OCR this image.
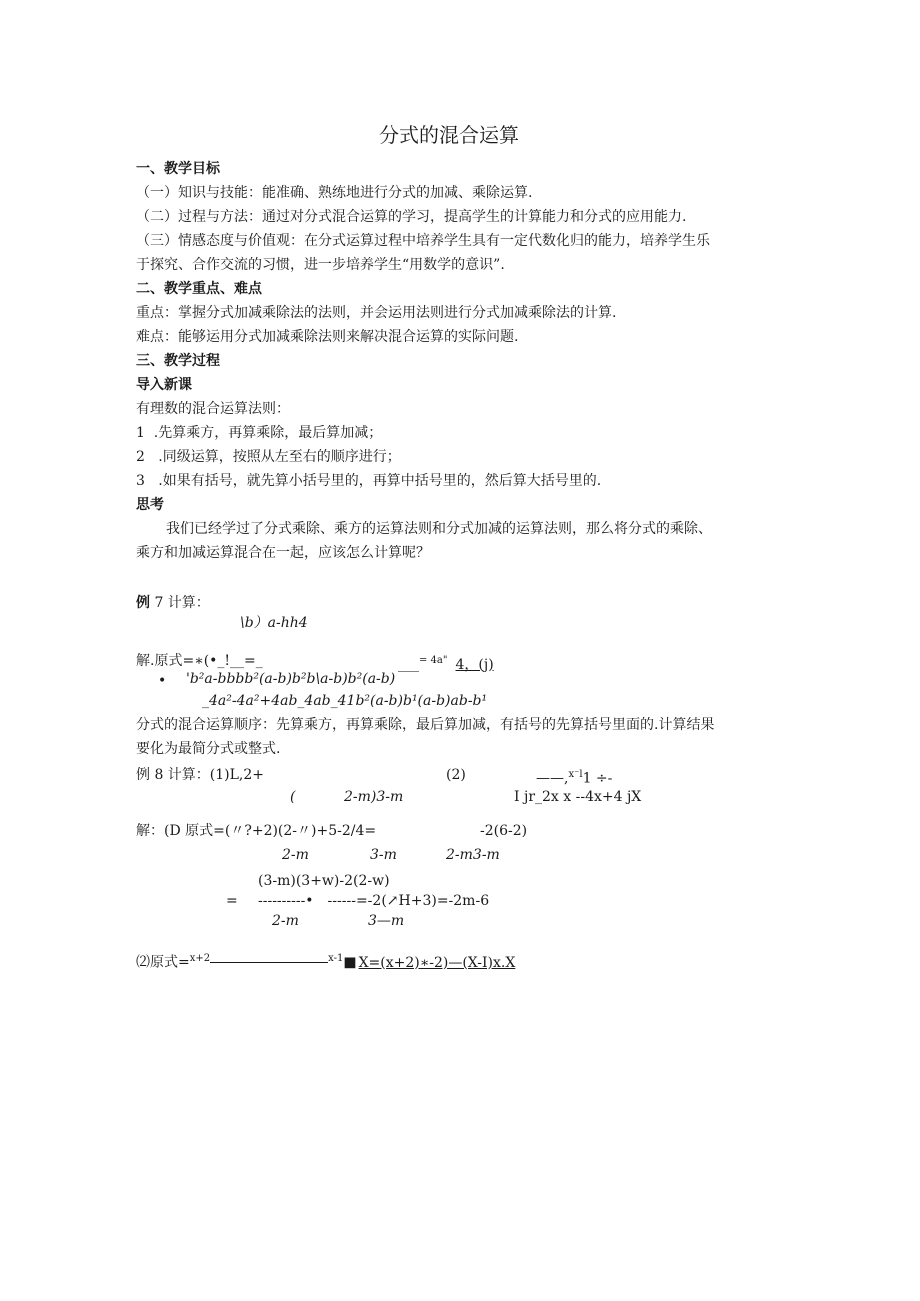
分式的混合运算
一、教学目标
（一）知识与技能：能准确、熟练地进行分式的加减、乘除运算.
（二）过程与方法：通过对分式混合运算的学习，提高学生的计算能力和分式的应用能力.
（三）情感态度与价值观：在分式运算过程中培养学生具有一定代数化归的能力，培养学生乐
于探究、合作交流的习惯，进一步培养学生“用数学的意识”.
二、教学重点、难点
重点：掌握分式加减乘除法的法则，并会运用法则进行分式加减乘除法的计算.
难点：能够运用分式加减乘除法则来解决混合运算的实际问题.
三、教学过程
导入新课
有理数的混合运算法则：
1  .先算乘方，再算乘除，最后算加减；
2   .同级运算，按照从左至右的顺序进行；
3   .如果有括号，就先算小括号里的，再算中括号里的，然后算大括号里的.
思考
我们已经学过了分式乘除、乘方的运算法则和分式加减的运算法则，那么将分式的乘除、
乘方和加减运算混合在一起，应该怎么计算呢？
例 7 计算：
\b）a-hh4
解.原式=∗(•_!__=_	___$^{= 4a"}$ 4，(j)
• 'b²a-bbbb²(a-b)b²b\a-b)b²(a-b)
_4a²-4a²+4ab_4ab_41b²(a-b)b¹(a-b)ab-b¹
分式的混合运算顺序：先算乘方，再算乘除，最后算加减，有括号的先算括号里面的.计算结果
要化为最简分式或整式.
例 8 计算：(1)L,2+	(2)	——,$^{x^-l}$1 ÷-
(	2-m)3-m	I jr_2x x --4x+4 jX
解：(D 原式=(〃?+2)(2-〃)+5-2/4=	-2(6-2)
2-m	3-m	2-m3-m
(3-m)(3+w)-2(2-w)
= ----------•　------=-2(↗H+3)=-2m-6
2-m	3—m
⑵原式=$^{x+2}$	$^{x-1}$■ X=(x+2)∗-2)—(X-I)x.X
